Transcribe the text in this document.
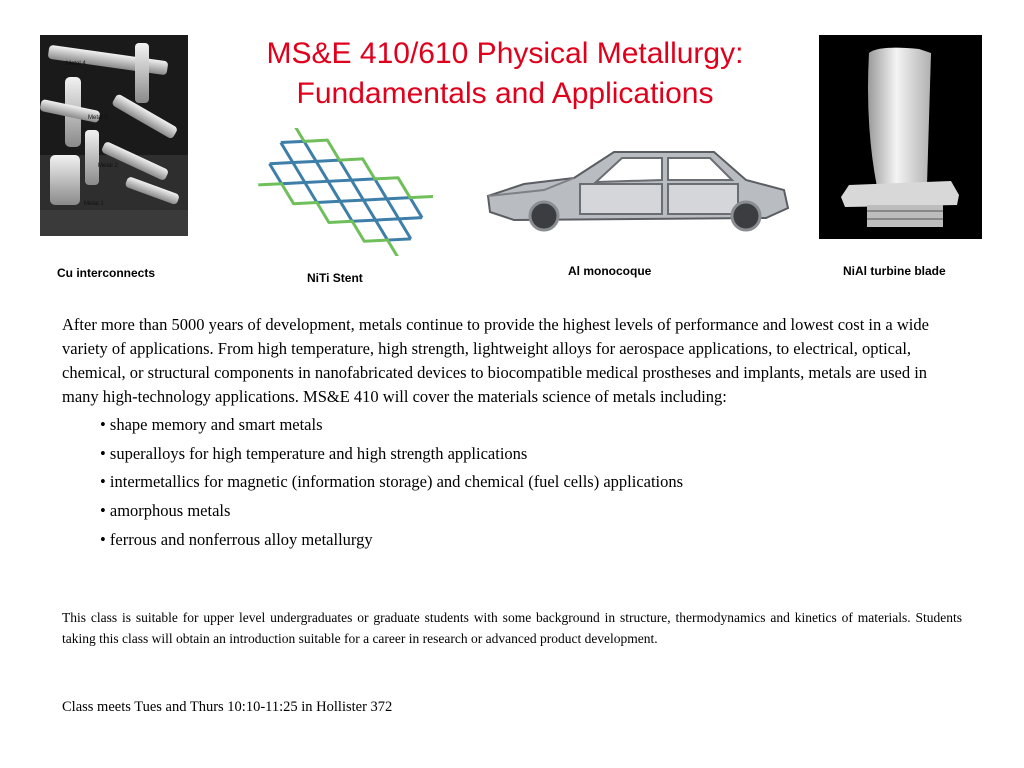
MS&E 410/610 Physical Metallurgy:
Fundamentals and Applications
Metal 4
Metal 3
Metal 2
Metal 1
Cu interconnects	NiTi Stent	Al monocoque	NiAl turbine blade
After more than 5000 years of development, metals continue to provide the highest levels of performance and lowest cost in a wide variety of applications. From high temperature, high strength, lightweight alloys for aerospace applications, to electrical, optical, chemical, or structural components in nanofabricated devices to biocompatible medical prostheses and implants, metals are used in many high-technology applications. MS&E 410 will cover the materials science of metals including:
• shape memory and smart metals
• superalloys for high temperature and high strength applications
• intermetallics for magnetic (information storage) and chemical (fuel cells) applications
• amorphous metals
• ferrous and nonferrous alloy metallurgy
This class is suitable for upper level undergraduates or graduate students with some background in structure, thermodynamics and kinetics of materials. Students taking this class will obtain an introduction suitable for a career in research or advanced product development.
Class meets Tues and Thurs 10:10-11:25 in Hollister 372
